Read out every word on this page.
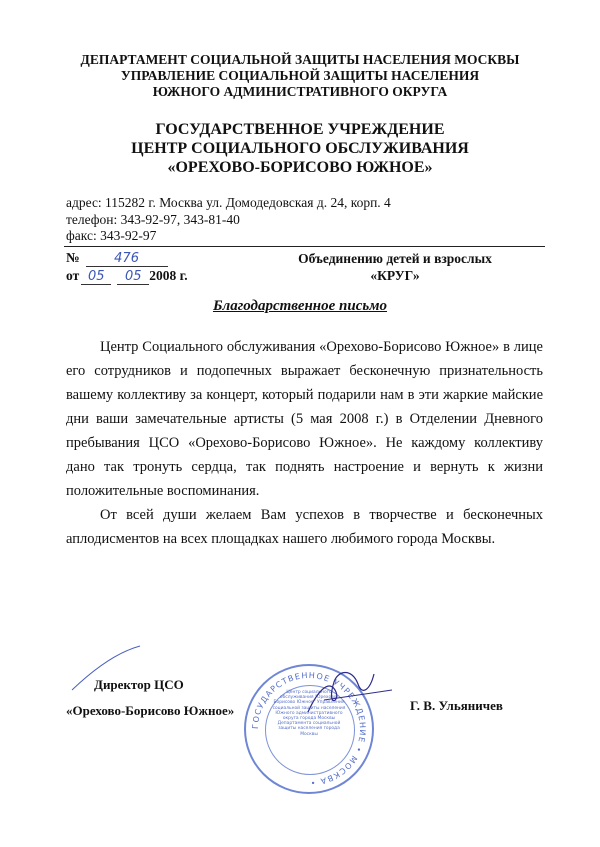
ДЕПАРТАМЕНТ СОЦИАЛЬНОЙ ЗАЩИТЫ НАСЕЛЕНИЯ МОСКВЫ
УПРАВЛЕНИЕ СОЦИАЛЬНОЙ ЗАЩИТЫ НАСЕЛЕНИЯ
ЮЖНОГО АДМИНИСТРАТИВНОГО ОКРУГА
ГОСУДАРСТВЕННОЕ УЧРЕЖДЕНИЕ
ЦЕНТР СОЦИАЛЬНОГО ОБСЛУЖИВАНИЯ
«ОРЕХОВО-БОРИСОВО ЮЖНОЕ»
адрес: 115282 г. Москва ул. Домодедовская д. 24, корп. 4
телефон: 343-92-97, 343-81-40
факс: 343-92-97
№	476
от 05 05 2008 г.
Объединению детей и взрослых
«КРУГ»
Благодарственное письмо

Центр Социального обслуживания «Орехово-Борисово Южное» в лице его сотрудников и подопечных выражает бесконечную признательность вашему коллективу за концерт, который подарили нам в эти жаркие майские дни ваши замечательные артисты (5 мая 2008 г.) в Отделении Дневного пребывания ЦСО «Орехово-Борисово Южное». Не каждому коллективу дано так тронуть сердца, так поднять настроение и вернуть к жизни положительные воспоминания.

От всей души желаем Вам успехов в творчестве и бесконечных аплодисментов на всех площадках нашего любимого города Москвы.

ГОСУДАРСТВЕННОЕ УЧРЕЖДЕНИЕ • МОСКВА •
Центр социального обслуживания "Орехово-Борисово Южное" Управления социальной защиты населения Южного административного округа города Москвы Департамента социальной защиты населения города Москвы
Директор ЦСО
«Орехово-Борисово Южное»	Г. В. Ульяничев
